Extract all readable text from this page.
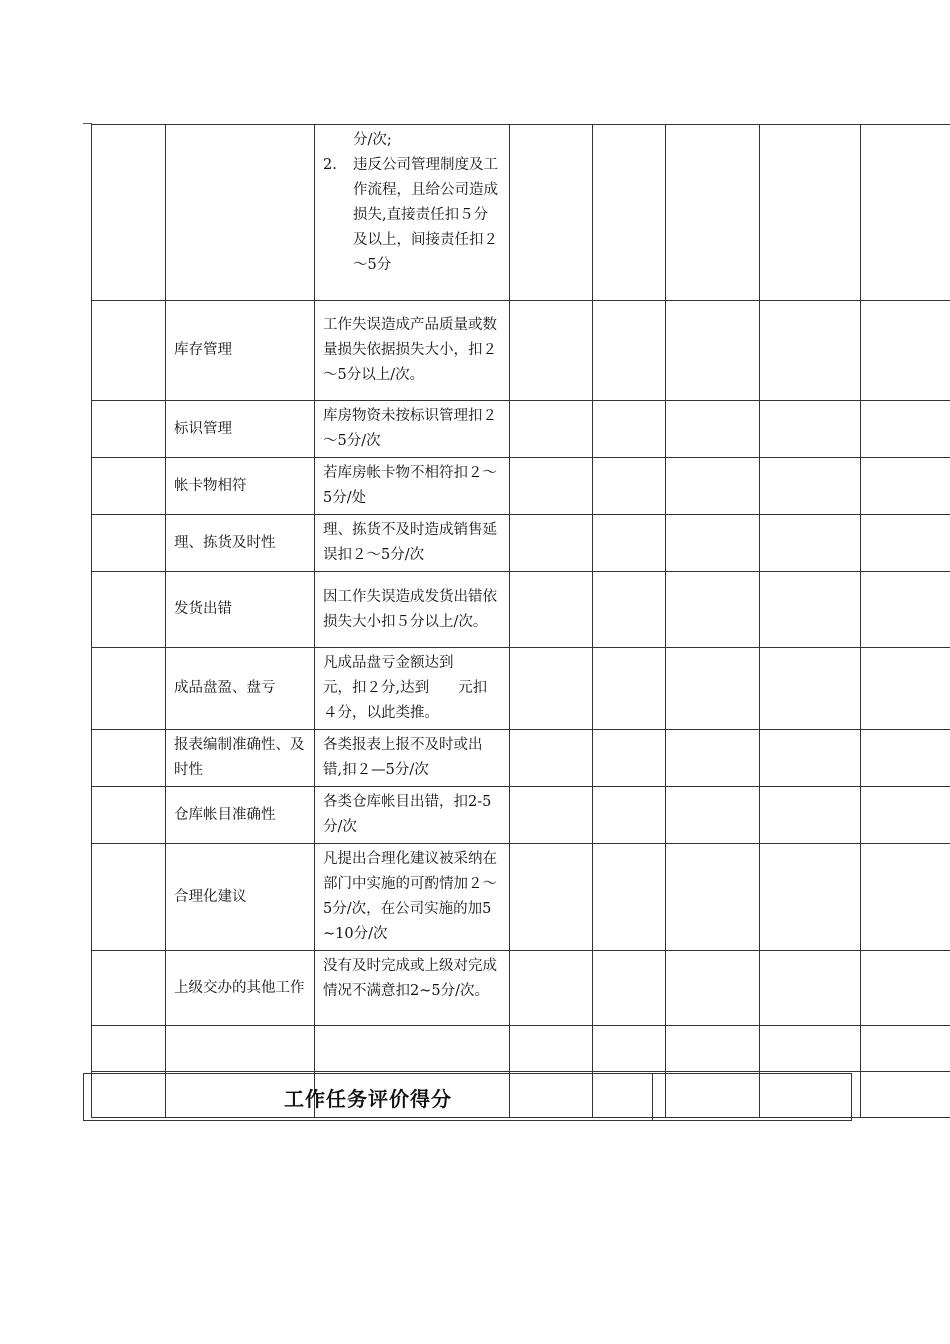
		分/次;
2. 违反公司管理制度及工作流程，且给公司造成损失,直接责任扣５分及以上，间接责任扣２～5分					

	库存管理	工作失误造成产品质量或数量损失依据损失大小，扣２～5分以上/次。					
	标识管理	库房物资未按标识管理扣２～5分/次					
	帐卡物相符	若库房帐卡物不相符扣２～5分/处					
	理、拣货及时性	理、拣货不及时造成销售延误扣２～5分/次					
	发货出错	因工作失误造成发货出错依损失大小扣５分以上/次。					
	成品盘盈、盘亏	凡成品盘亏金额达到　　元，扣２分,达到　　元扣４分，以此类推。					
	报表编制准确性、及时性	各类报表上报不及时或出错,扣２—5分/次					
	仓库帐目准确性	各类仓库帐目出错，扣2-5分/次					
	合理化建议	凡提出合理化建议被采纳在部门中实施的可酌情加２～5分/次，在公司实施的加5~10分/次					
	上级交办的其他工作	没有及时完成或上级对完成情况不满意扣2~5分/次。					

工作任务评价得分	
